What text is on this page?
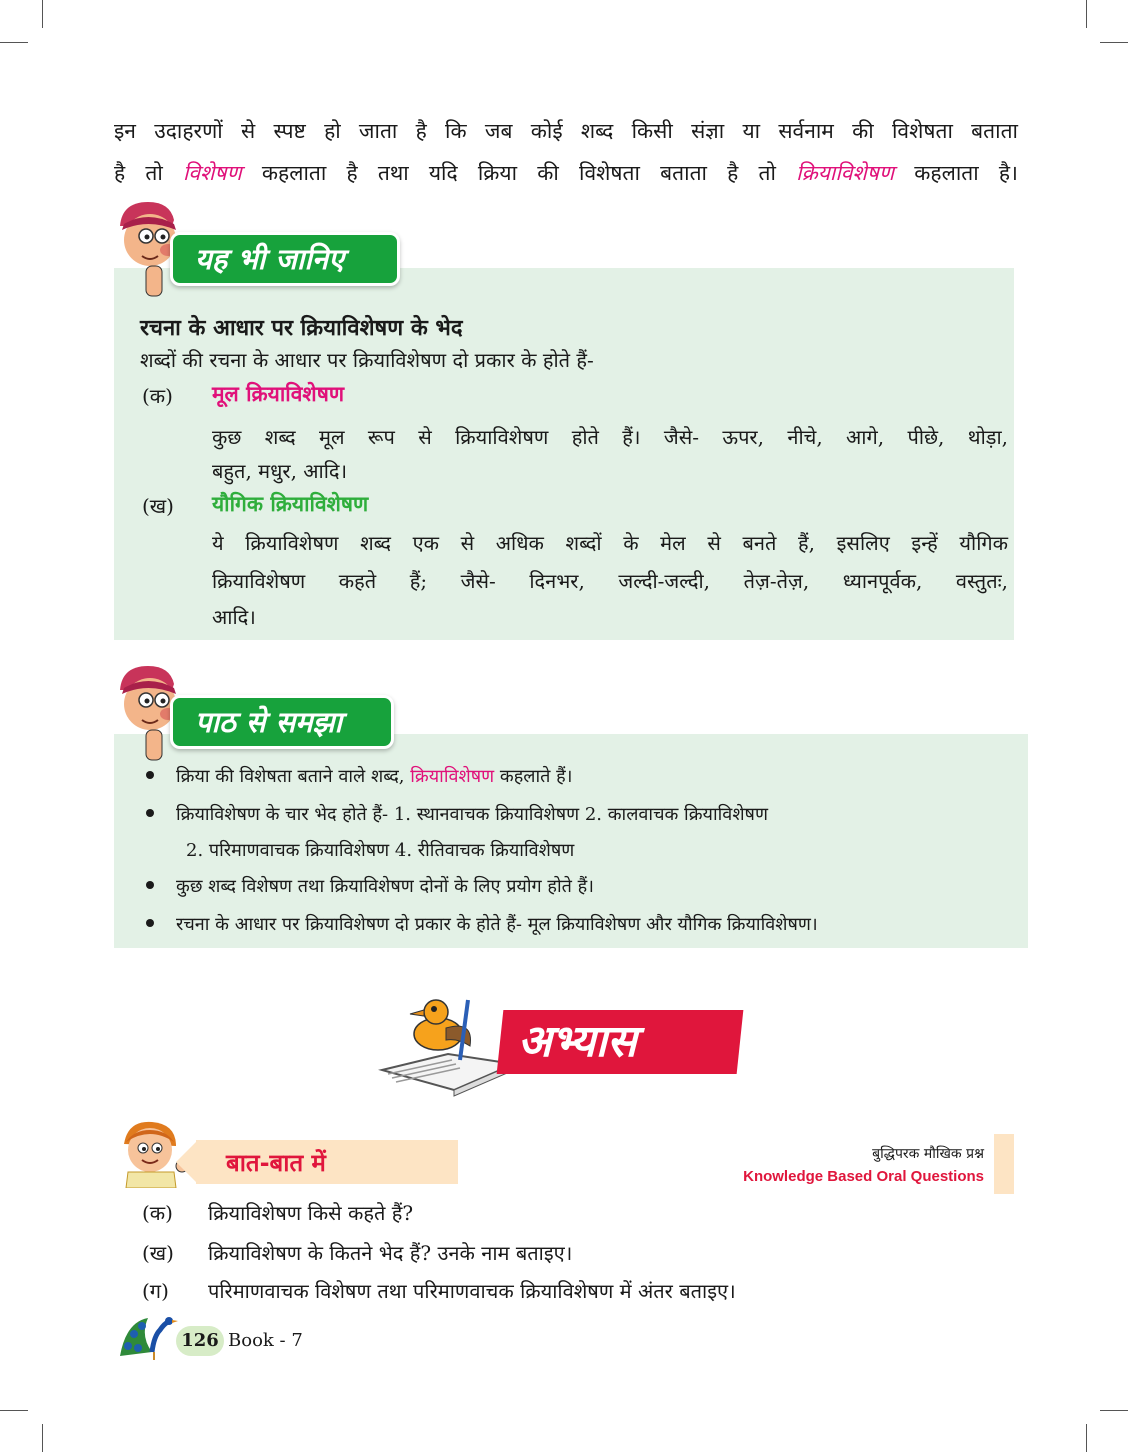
इन उदाहरणों से स्पष्ट हो जाता है कि जब कोई शब्द किसी संज्ञा या सर्वनाम की विशेषता बताता
है तो विशेषण कहलाता है तथा यदि क्रिया की विशेषता बताता है तो क्रियाविशेषण कहलाता है।
यह भी जानिए
रचना के आधार पर क्रियाविशेषण के भेद
शब्दों की रचना के आधार पर क्रियाविशेषण दो प्रकार के होते हैं-
(क) मूल क्रियाविशेषण
कुछ शब्द मूल रूप से क्रियाविशेषण होते हैं। जैसे- ऊपर, नीचे, आगे, पीछे, थोड़ा,
बहुत, मधुर, आदि।
(ख) यौगिक क्रियाविशेषण
ये क्रियाविशेषण शब्द एक से अधिक शब्दों के मेल से बनते हैं, इसलिए इन्हें यौगिक
क्रियाविशेषण कहते हैं; जैसे- दिनभर, जल्दी-जल्दी, तेज़-तेज़, ध्यानपूर्वक, वस्तुतः,
आदि।
पाठ से समझा
क्रिया की विशेषता बताने वाले शब्द, क्रियाविशेषण कहलाते हैं।
क्रियाविशेषण के चार भेद होते हैं- 1. स्थानवाचक क्रियाविशेषण 2. कालवाचक क्रियाविशेषण
2. परिमाणवाचक क्रियाविशेषण 4. रीतिवाचक क्रियाविशेषण
कुछ शब्द विशेषण तथा क्रियाविशेषण दोनों के लिए प्रयोग होते हैं।
रचना के आधार पर क्रियाविशेषण दो प्रकार के होते हैं- मूल क्रियाविशेषण और यौगिक क्रियाविशेषण।
अभ्यास
बात-बात में	बुद्धिपरक मौखिक प्रश्न
Knowledge Based Oral Questions
(क) क्रियाविशेषण किसे कहते हैं?
(ख) क्रियाविशेषण के कितने भेद हैं? उनके नाम बताइए।
(ग) परिमाणवाचक विशेषण तथा परिमाणवाचक क्रियाविशेषण में अंतर बताइए।
126 Book - 7
